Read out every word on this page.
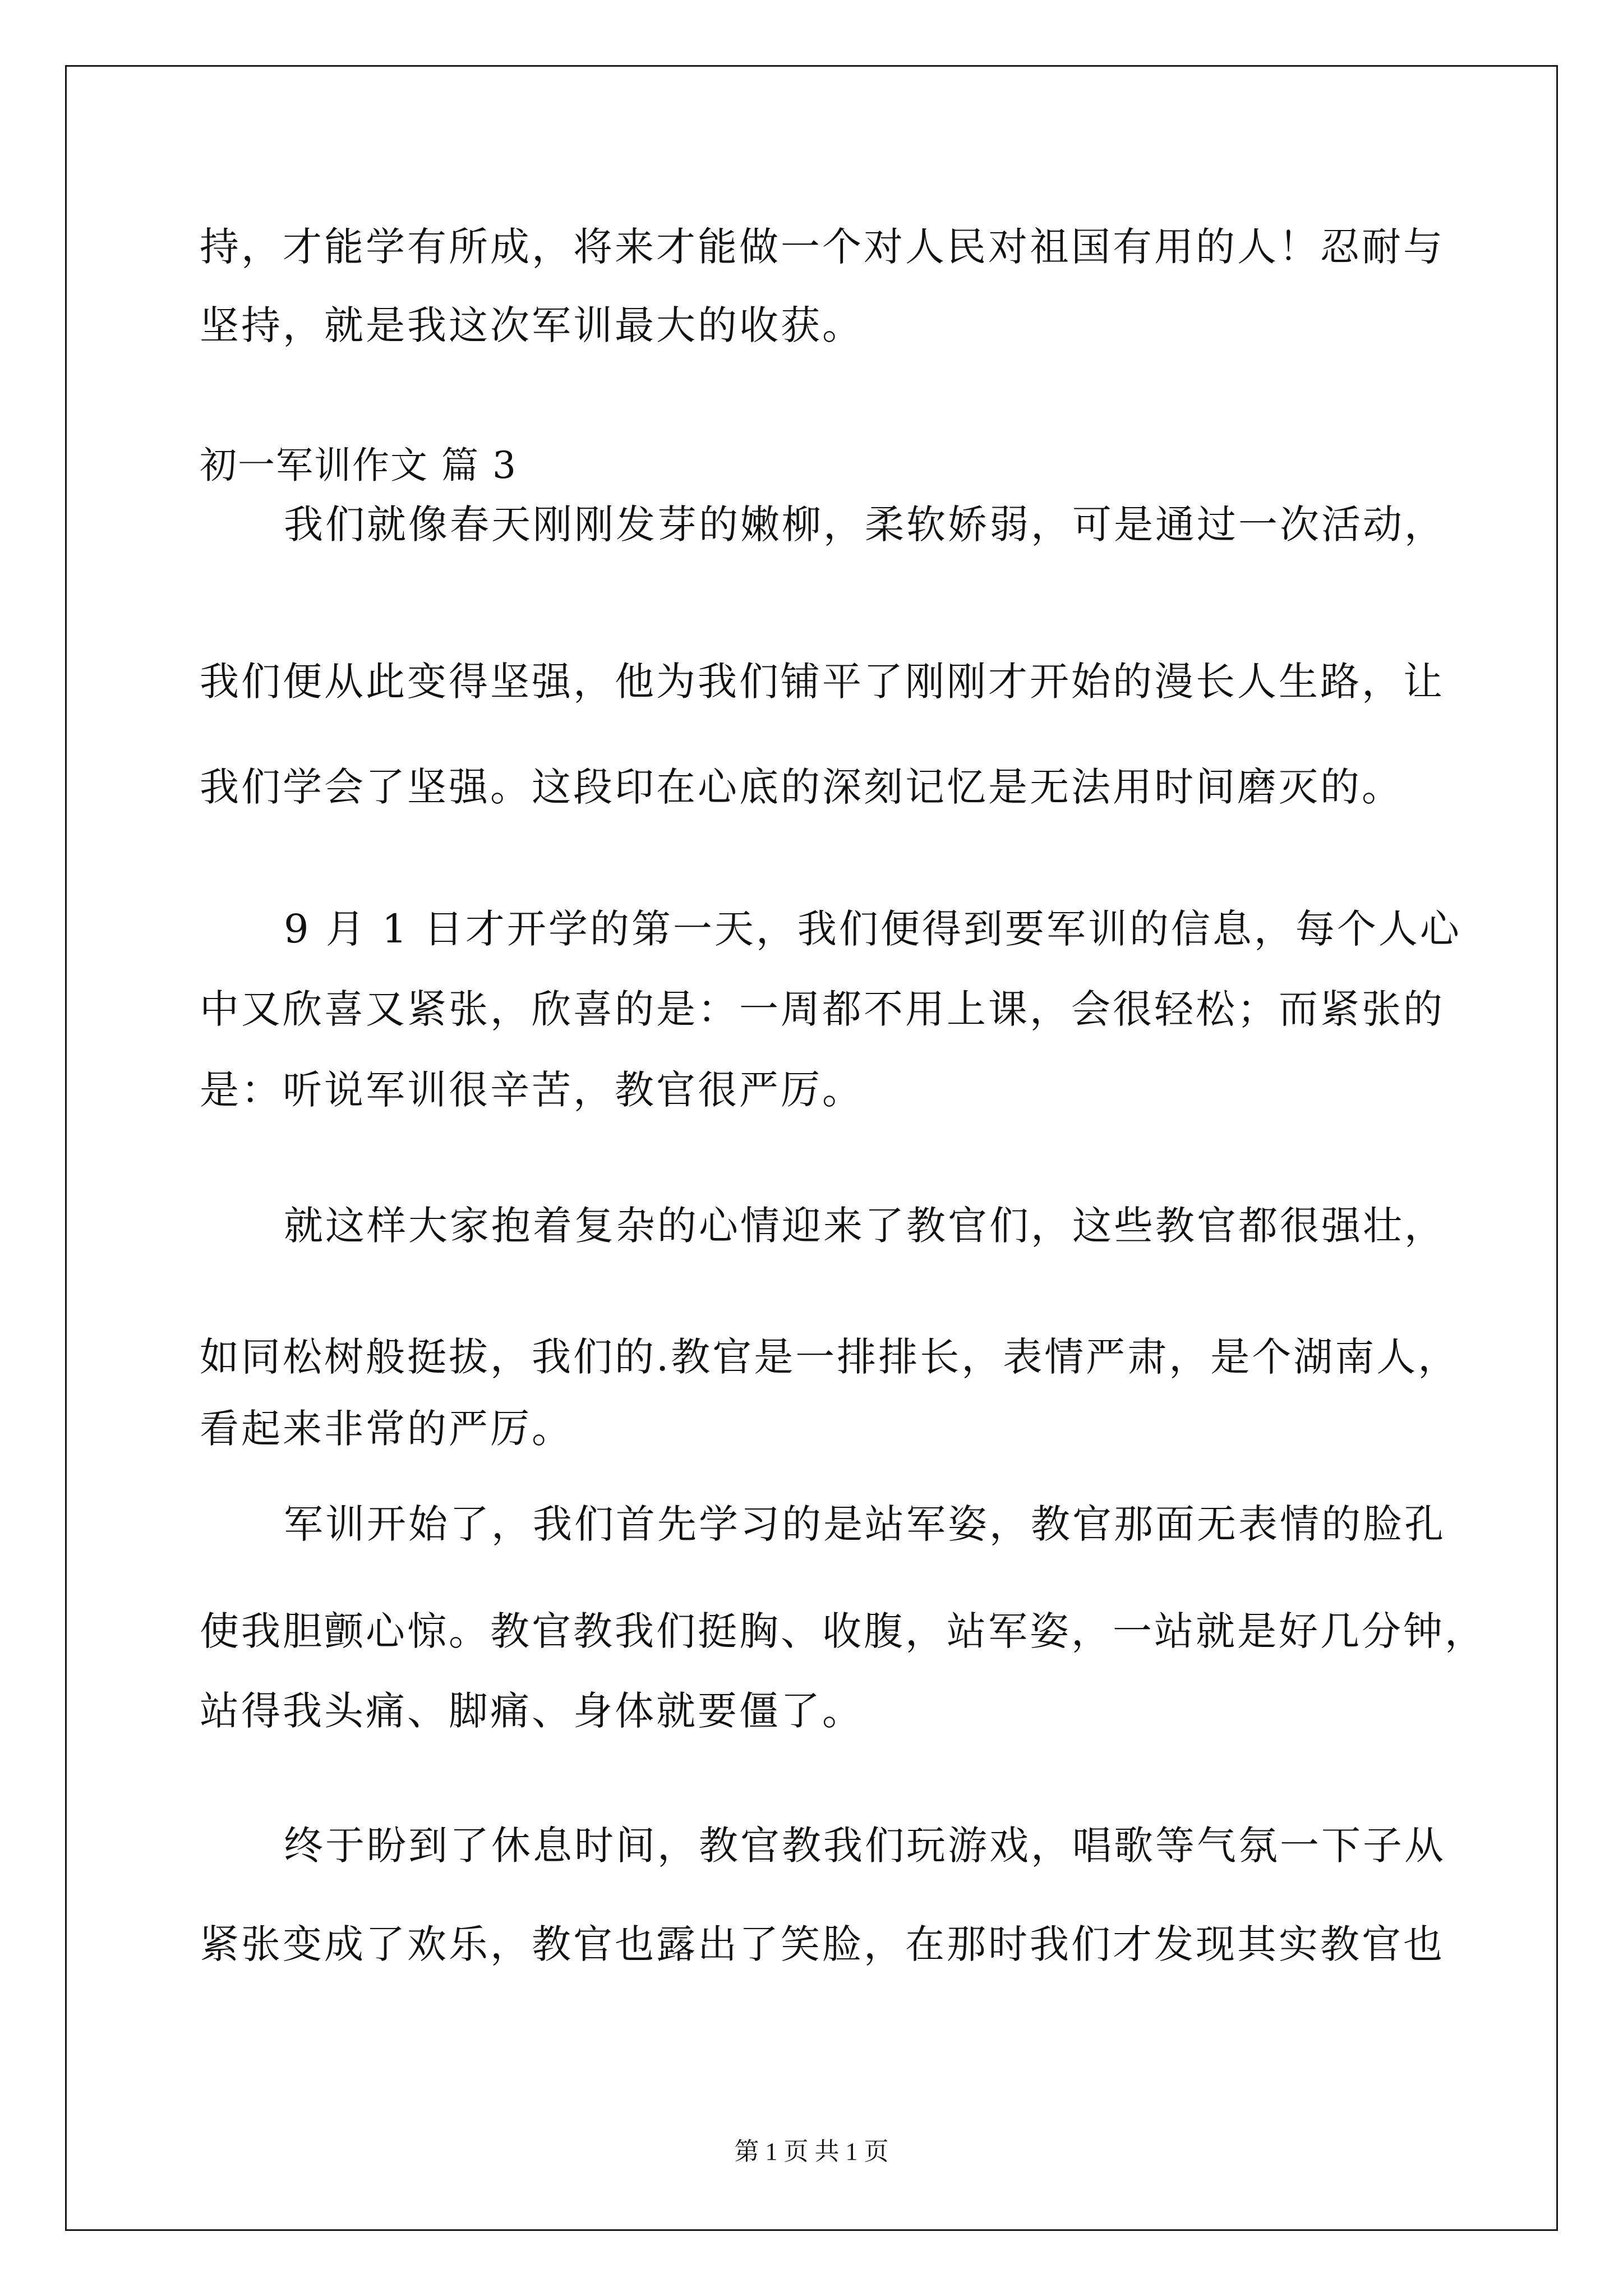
持，才能学有所成，将来才能做一个对人民对祖国有用的人！忍耐与
坚持，就是我这次军训最大的收获。
初一军训作文 篇 3
我们就像春天刚刚发芽的嫩柳，柔软娇弱，可是通过一次活动，
我们便从此变得坚强，他为我们铺平了刚刚才开始的漫长人生路，让
我们学会了坚强。这段印在心底的深刻记忆是无法用时间磨灭的。
9 月 1 日才开学的第一天，我们便得到要军训的信息，每个人心
中又欣喜又紧张，欣喜的是：一周都不用上课，会很轻松；而紧张的
是：听说军训很辛苦，教官很严厉。
就这样大家抱着复杂的心情迎来了教官们，这些教官都很强壮，
如同松树般挺拔，我们的.教官是一排排长，表情严肃，是个湖南人，
看起来非常的严厉。
军训开始了，我们首先学习的是站军姿，教官那面无表情的脸孔
使我胆颤心惊。教官教我们挺胸、收腹，站军姿，一站就是好几分钟，
站得我头痛、脚痛、身体就要僵了。
终于盼到了休息时间，教官教我们玩游戏，唱歌等气氛一下子从
紧张变成了欢乐，教官也露出了笑脸，在那时我们才发现其实教官也
第 1 页 共 1 页
